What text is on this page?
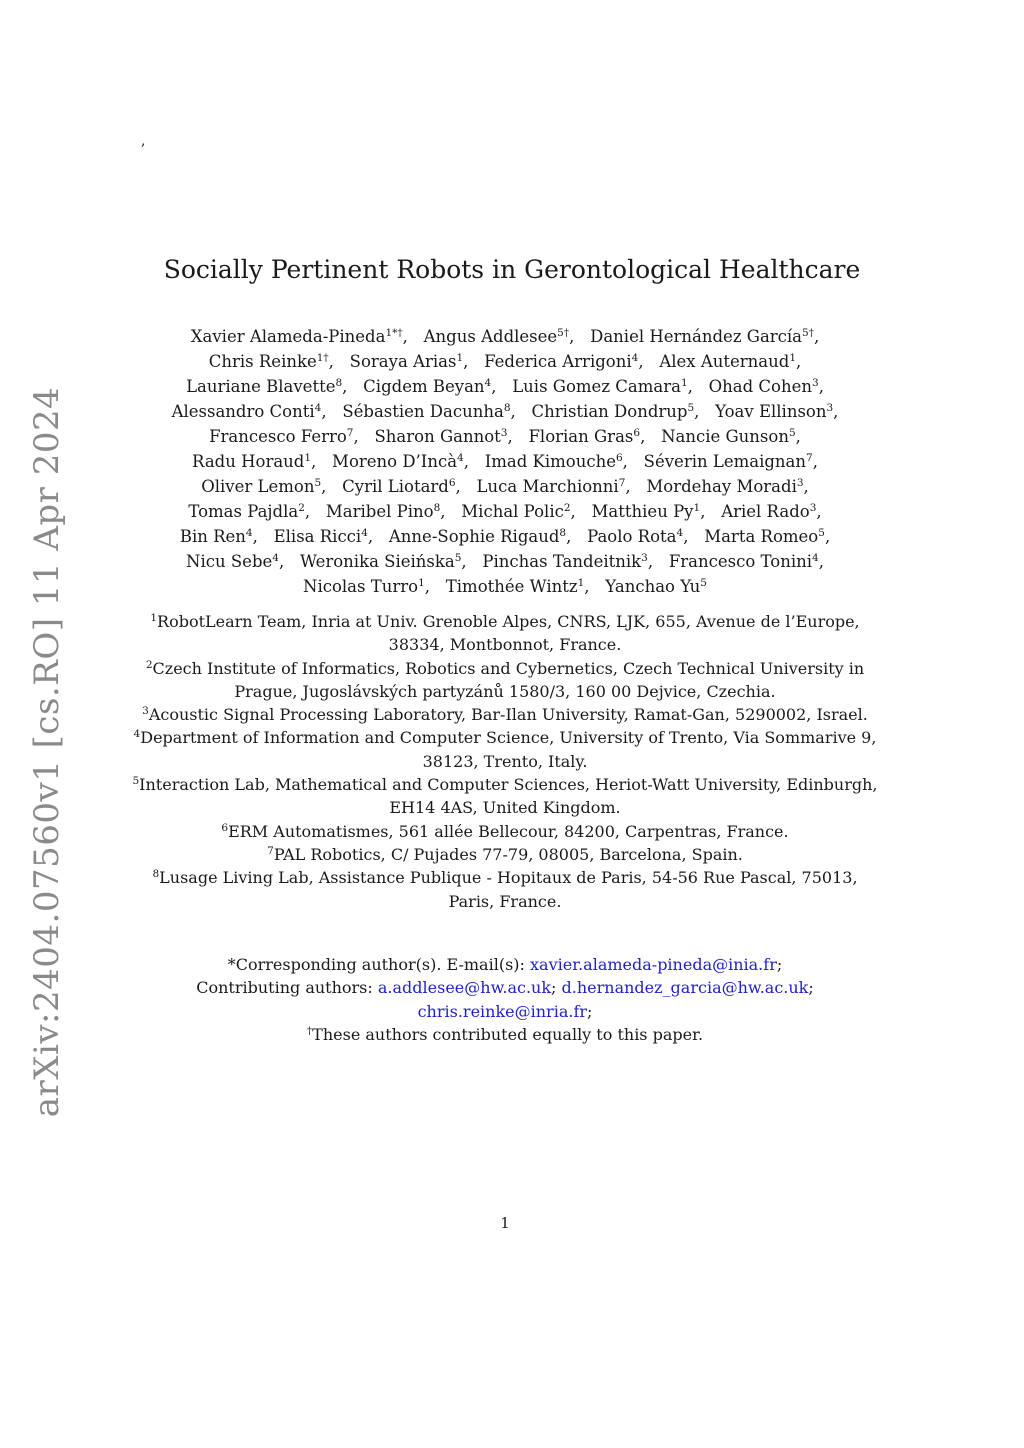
,
arXiv:2404.07560v1 [cs.RO] 11 Apr 2024
Socially Pertinent Robots in Gerontological Healthcare
Xavier Alameda-Pineda$^{1*\dagger}$, Angus Addlesee$^{5\dagger}$, Daniel Hernández García$^{5\dagger}$,
Chris Reinke$^{1\dagger}$, Soraya Arias$^1$, Federica Arrigoni$^4$, Alex Auternaud$^1$,
Lauriane Blavette$^8$, Cigdem Beyan$^4$, Luis Gomez Camara$^1$, Ohad Cohen$^3$,
Alessandro Conti$^4$, Sébastien Dacunha$^8$, Christian Dondrup$^5$, Yoav Ellinson$^3$,
Francesco Ferro$^7$, Sharon Gannot$^3$, Florian Gras$^6$, Nancie Gunson$^5$,
Radu Horaud$^1$, Moreno D’Incà$^4$, Imad Kimouche$^6$, Séverin Lemaignan$^7$,
Oliver Lemon$^5$, Cyril Liotard$^6$, Luca Marchionni$^7$, Mordehay Moradi$^3$,
Tomas Pajdla$^2$, Maribel Pino$^8$, Michal Polic$^2$, Matthieu Py$^1$, Ariel Rado$^3$,
Bin Ren$^4$, Elisa Ricci$^4$, Anne-Sophie Rigaud$^8$, Paolo Rota$^4$, Marta Romeo$^5$,
Nicu Sebe$^4$, Weronika Sieińska$^5$, Pinchas Tandeitnik$^3$, Francesco Tonini$^4$,
Nicolas Turro$^1$, Timothée Wintz$^1$, Yanchao Yu$^5$

$^1$RobotLearn Team, Inria at Univ. Grenoble Alpes, CNRS, LJK, 655, Avenue de l’Europe, 38334, Montbonnot, France.

$^2$Czech Institute of Informatics, Robotics and Cybernetics, Czech Technical University in Prague, Jugoslávských partyzánů 1580/3, 160 00 Dejvice, Czechia.

$^3$Acoustic Signal Processing Laboratory, Bar-Ilan University, Ramat-Gan, 5290002, Israel.

$^4$Department of Information and Computer Science, University of Trento, Via Sommarive 9, 38123, Trento, Italy.

$^5$Interaction Lab, Mathematical and Computer Sciences, Heriot-Watt University, Edinburgh, EH14 4AS, United Kingdom.

$^6$ERM Automatismes, 561 allée Bellecour, 84200, Carpentras, France.

$^7$PAL Robotics, C/ Pujades 77-79, 08005, Barcelona, Spain.

$^8$Lusage Living Lab, Assistance Publique - Hopitaux de Paris, 54-56 Rue Pascal, 75013, Paris, France.

*Corresponding author(s). E-mail(s): xavier.alameda-pineda@inia.fr;

Contributing authors: a.addlesee@hw.ac.uk; d.hernandez_garcia@hw.ac.uk;
chris.reinke@inria.fr;

†These authors contributed equally to this paper.

1
